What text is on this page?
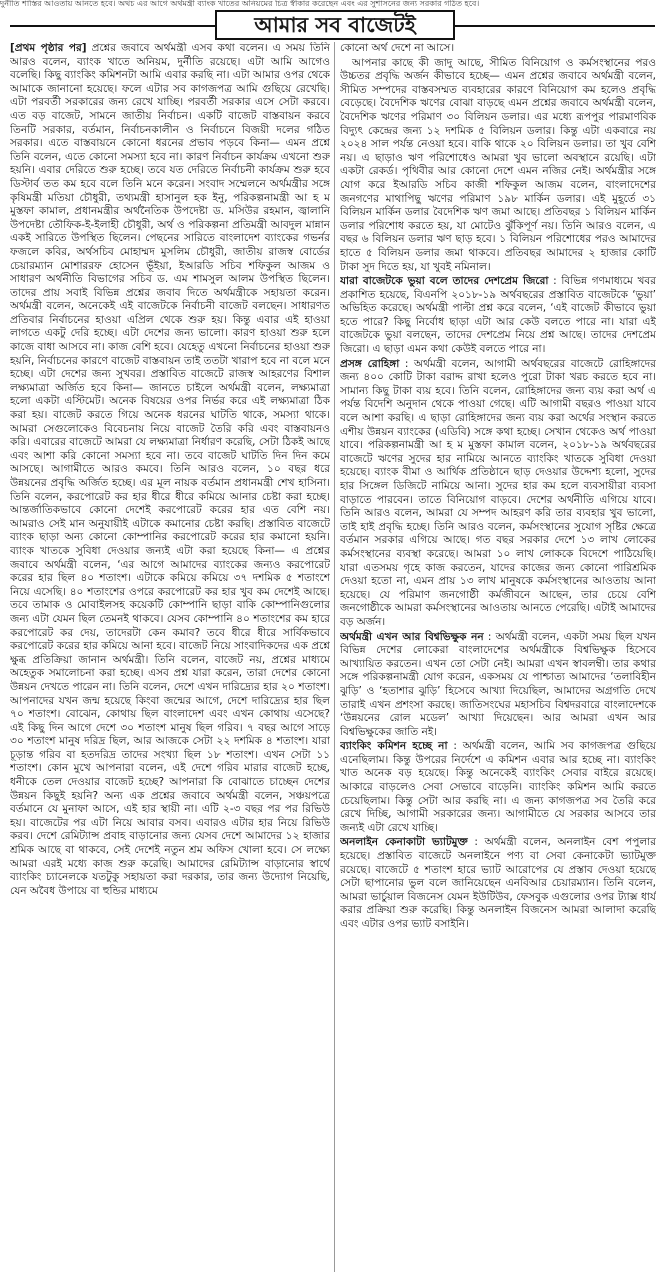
দুর্নীতি শাস্তির আওতায় আনতে হবে। অথচ এর আগে অর্থমন্ত্রী ব্যাংক খাতের অনিয়মের চিত্র স্বীকার করেছেন এবং এর সুশাসনের জন্য সরকার গঠিত হবে।
আমার সব বাজেটই

[প্রথম পৃষ্ঠার পর] প্রশ্নের জবাবে অর্থমন্ত্রী এসব কথা বলেন। এ সময় তিনি আরও বলেন, ব্যাংক খাতে অনিয়ম, দুর্নীতি রয়েছে। এটা আমি আগেও বলেছি। কিছু ব্যাংকিং কমিশনটা আমি এবার করছি না। এটা আমার ওপর থেকে আমাকে জানানো হয়েছে। ফলে এটার সব কাগজপত্র আমি গুছিয়ে রেখেছি। এটা পরবর্তী সরকারের জন্য রেখে যাচ্ছি। পরবর্তী সরকার এসে সেটা করবে। এত বড় বাজেট, সামনে জাতীয় নির্বাচন। একটি বাজেট বাস্তবায়ন করবে তিনটি সরকার, বর্তমান, নির্বাচনকালীন ও নির্বাচনে বিজয়ী দলের গঠিত সরকার। এতে বাস্তবায়নে কোনো ধরনের প্রভাব পড়বে কিনা— এমন প্রশ্নে তিনি বলেন, এতে কোনো সমস্যা হবে না। কারণ নির্বাচন কার্যক্রম এখনো শুরু হয়নি। এবার দেরিতে শুরু হচ্ছে। তবে যত দেরিতে নির্বাচনী কার্যক্রম শুরু হবে ডিস্টার্ব তত কম হবে বলে তিনি মনে করেন। সংবাদ সম্মেলনে অর্থমন্ত্রীর সঙ্গে কৃষিমন্ত্রী মতিয়া চৌধুরী, তথ্যমন্ত্রী হাসানুল হক ইনু, পরিকল্পনামন্ত্রী আ হ ম মুস্তফা কামাল, প্রধানমন্ত্রীর অর্থনৈতিক উপদেষ্টা ড. মসিউর রহমান, জ্বালানি উপদেষ্টা তৌফিক-ই-ইলাহী চৌধুরী, অর্থ ও পরিকল্পনা প্রতিমন্ত্রী আবদুল মান্নান একই সারিতে উপস্থিত ছিলেন। পেছনের সারিতে বাংলাদেশ ব্যাংকের গভর্নর ফজলে কবির, অর্থসচিব মোহাম্মদ মুসলিম চৌধুরী, জাতীয় রাজস্ব বোর্ডের চেয়ারম্যান মোশাররফ হোসেন ভূঁইয়া, ইআরডি সচিব শফিকুল আজম ও সাধারণ অর্থনীতি বিভাগের সচিব ড. এম শামসুল আলম উপস্থিত ছিলেন। তাদের প্রায় সবাই বিভিন্ন প্রশ্নের জবাব দিতে অর্থমন্ত্রীকে সহায়তা করেন। অর্থমন্ত্রী বলেন, অনেকেই এই বাজেটকে নির্বাচনী বাজেট বলছেন। সাধারণত প্রতিবার নির্বাচনের হাওয়া এপ্রিল থেকে শুরু হয়। কিন্তু এবার এই হাওয়া লাগতে একটু দেরি হচ্ছে। এটা দেশের জন্য ভালো। কারণ হাওয়া শুরু হলে কাজে বাধা আসবে না। কাজ বেশি হবে। যেহেতু এখনো নির্বাচনের হাওয়া শুরু হয়নি, নির্বাচনের কারণে বাজেট বাস্তবায়ন তাই ততটা খারাপ হবে না বলে মনে হচ্ছে। এটা দেশের জন্য সুখবর। প্রস্তাবিত বাজেটে রাজস্ব আহরণের বিশাল লক্ষ্যমাত্রা অর্জিত হবে কিনা— জানতে চাইলে অর্থমন্ত্রী বলেন, লক্ষ্যমাত্রা হলো একটা এস্টিমেট। অনেক বিষয়ের ওপর নির্ভর করে এই লক্ষ্যমাত্রা ঠিক করা হয়। বাজেট করতে গিয়ে অনেক ধরনের ঘাটতি থাকে, সমস্যা থাকে। আমরা সেগুলোকেও বিবেচনায় নিয়ে বাজেট তৈরি করি এবং বাস্তবায়নও করি। এবারের বাজেটে আমরা যে লক্ষ্যমাত্রা নির্ধারণ করেছি, সেটা ঠিকই আছে এবং আশা করি কোনো সমস্যা হবে না। তবে বাজেট ঘাটতি দিন দিন কমে আসছে। আগামীতে আরও কমবে। তিনি আরও বলেন, ১০ বছর ধরে উন্নয়নের প্রবৃদ্ধি অর্জিত হচ্ছে। এর মূল নায়ক বর্তমান প্রধানমন্ত্রী শেখ হাসিনা। তিনি বলেন, করপোরেট কর হার ধীরে ধীরে কমিয়ে আনার চেষ্টা করা হচ্ছে। আন্তর্জাতিকভাবে কোনো দেশেই করপোরেট করের হার এত বেশি নয়। আমরাও সেই মান অনুযায়ীই এটাকে কমানোর চেষ্টা করছি। প্রস্তাবিত বাজেটে ব্যাংক ছাড়া অন্য কোনো কোম্পানির করপোরেট করের হার কমানো হয়নি। ব্যাংক খাতকে সুবিধা দেওয়ার জন্যই এটা করা হয়েছে কিনা— এ প্রশ্নের জবাবে অর্থমন্ত্রী বলেন, ‘এর আগে আমাদের ব্যাংকের জন্যও করপোরেট করের হার ছিল ৪০ শতাংশ। এটাকে কমিয়ে কমিয়ে ৩৭ দশমিক ৫ শতাংশে নিয়ে এসেছি। ৪০ শতাংশের ওপরে করপোরেট কর হার খুব কম দেশেই আছে। তবে তামাক ও মোবাইলসহ কয়েকটি কোম্পানি ছাড়া বাকি কোম্পানিগুলোর জন্য এটা যেমন ছিল তেমনই থাকবে। যেসব কোম্পানি ৪০ শতাংশের কম হারে করপোরেট কর দেয়, তাদেরটা কেন কমাব? তবে ধীরে ধীরে সার্বিকভাবে করপোরেট করের হার কমিয়ে আনা হবে। বাজেট নিয়ে সাংবাদিকদের এক প্রশ্নে ক্ষুব্ধ প্রতিক্রিয়া জানান অর্থমন্ত্রী। তিনি বলেন, বাজেট নয়, প্রশ্নের মাধ্যমে অহেতুক সমালোচনা করা হচ্ছে। এসব প্রশ্ন যারা করেন, তারা দেশের কোনো উন্নয়ন দেখতে পারেন না। তিনি বলেন, দেশে এখন দারিদ্র্যের হার ২০ শতাংশ। আপনাদের যখন জন্ম হয়েছে কিংবা জন্মের আগে, দেশে দারিদ্র্যের হার ছিল ৭০ শতাংশ। বোঝেন, কোথায় ছিল বাংলাদেশ এবং এখন কোথায় এসেছে? এই কিছু দিন আগে দেশে ৩০ শতাংশ মানুষ ছিল গরিব। ৭ বছর আগে সাড়ে ৩০ শতাংশ মানুষ দরিদ্র ছিল, আর আজকে সেটা ২২ দশমিক ৪ শতাংশ। যারা চূড়ান্ত গরিব বা হতদরিদ্র তাদের সংখ্যা ছিল ১৮ শতাংশ। এখন সেটা ১১ শতাংশ। কোন মুখে আপনারা বলেন, এই দেশে গরিব মারার বাজেট হচ্ছে, ধনীকে তেল দেওয়ার বাজেট হচ্ছে? আপনারা কি বোঝাতে চাচ্ছেন দেশের উন্নয়ন কিছুই হয়নি? অন্য এক প্রশ্নের জবাবে অর্থমন্ত্রী বলেন, সঞ্চয়পত্রে বর্তমানে যে মুনাফা আসে, এই হার স্থায়ী না। এটি ২-৩ বছর পর পর রিভিউ হয়। বাজেটের পর এটা নিয়ে আবার বসব। এবারও এটার হার নিয়ে রিভিউ করব। দেশে রেমিট্যান্স প্রবাহ বাড়ানোর জন্য যেসব দেশে আমাদের ১২ হাজার শ্রমিক আছে বা থাকবে, সেই দেশেই নতুন শ্রম অফিস খোলা হবে। সে লক্ষ্যে আমরা এরই মধ্যে কাজ শুরু করেছি। আমাদের রেমিট্যান্স বাড়ানোর স্বার্থে ব্যাংকিং চ্যানেলকে যতটুকু সহায়তা করা দরকার, তার জন্য উদ্যোগ নিয়েছি, যেন অবৈধ উপায়ে বা হুন্ডির মাধ্যমে

কোনো অর্থ দেশে না আসে।

আপনার কাছে কী জাদু আছে, সীমিত বিনিয়োগ ও কর্মসংস্থানের পরও উচ্চতর প্রবৃদ্ধি অর্জন কীভাবে হচ্ছে— এমন প্রশ্নের জবাবে অর্থমন্ত্রী বলেন, সীমিত সম্পদের বাস্তবসম্মত ব্যবহারের কারণে বিনিয়োগ কম হলেও প্রবৃদ্ধি বেড়েছে। বৈদেশিক ঋণের বোঝা বাড়ছে এমন প্রশ্নের জবাবে অর্থমন্ত্রী বলেন, বৈদেশিক ঋণের পরিমাণ ৩০ বিলিয়ন ডলার। এর মধ্যে রূপপুর পারমাণবিক বিদ্যুৎ কেন্দ্রের জন্য ১২ দশমিক ৫ বিলিয়ন ডলার। কিন্তু এটা একবারে নয় ২০২৪ সাল পর্যন্ত নেওয়া হবে। বাকি থাকে ২০ বিলিয়ন ডলার। তা খুব বেশি নয়। এ ছাড়াও ঋণ পরিশোধেও আমরা খুব ভালো অবস্থানে রয়েছি। এটা একটা রেকর্ড। পৃথিবীর আর কোনো দেশে এমন নজির নেই। অর্থমন্ত্রীর সঙ্গে যোগ করে ইআরডি সচিব কাজী শফিকুল আজম বলেন, বাংলাদেশের জনগণের মাথাপিছু ঋণের পরিমাণ ১৯৮ মার্কিন ডলার। এই মুহূর্তে ৩১ বিলিয়ন মার্কিন ডলার বৈদেশিক ঋণ জমা আছে। প্রতিবছর ১ বিলিয়ন মার্কিন ডলার পরিশোধ করতে হয়, যা মোটেও ঝুঁকিপূর্ণ নয়। তিনি আরও বলেন, এ বছর ৬ বিলিয়ন ডলার ঋণ ছাড় হবে। ১ বিলিয়ন পরিশোধের পরও আমাদের হাতে ৫ বিলিয়ন ডলার জমা থাকবে। প্রতিবছর আমাদের ২ হাজার কোটি টাকা সুদ দিতে হয়, যা খুবই নমিনাল।

যারা বাজেটকে ভুয়া বলে তাদের দেশপ্রেম জিরো : বিভিন্ন গণমাধ্যমে খবর প্রকাশিত হয়েছে, বিএনপি ২০১৮-১৯ অর্থবছরের প্রস্তাবিত বাজেটকে ‘ভুয়া’ অভিহিত করেছে। অর্থমন্ত্রী পাল্টা প্রশ্ন করে বলেন, ‘এই বাজেট কীভাবে ভুয়া হতে পারে? কিছু নির্বোধ ছাড়া এটা আর কেউ বলতে পারে না। যারা এই বাজেটকে ভুয়া বলছেন, তাদের দেশপ্রেম নিয়ে প্রশ্ন আছে। তাদের দেশপ্রেম জিরো। এ ছাড়া এমন কথা কেউই বলতে পারে না।

প্রসঙ্গ রোহিঙ্গা : অর্থমন্ত্রী বলেন, আগামী অর্থবছরের বাজেটে রোহিঙ্গাদের জন্য ৪০০ কোটি টাকা বরাদ্দ রাখা হলেও পুরো টাকা খরচ করতে হবে না। সামান্য কিছু টাকা ব্যয় হবে। তিনি বলেন, রোহিঙ্গাদের জন্য ব্যয় করা অর্থ এ পর্যন্ত বিদেশি অনুদান থেকে পাওয়া গেছে। এটি আগামী বছরও পাওয়া যাবে বলে আশা করছি। এ ছাড়া রোহিঙ্গাদের জন্য ব্যয় করা অর্থের সংস্থান করতে এশীয় উন্নয়ন ব্যাংকের (এডিবি) সঙ্গে কথা হচ্ছে। সেখান থেকেও অর্থ পাওয়া যাবে। পরিকল্পনামন্ত্রী আ হ ম মুস্তফা কামাল বলেন, ২০১৮-১৯ অর্থবছরের বাজেটে ঋণের সুদের হার নামিয়ে আনতে ব্যাংকিং খাতকে সুবিধা দেওয়া হয়েছে। ব্যাংক বীমা ও আর্থিক প্রতিষ্ঠানে ছাড় দেওয়ার উদ্দেশ্য হলো, সুদের হার সিঙ্গেল ডিজিটে নামিয়ে আনা। সুদের হার কম হলে ব্যবসায়ীরা ব্যবসা বাড়াতে পারবেন। তাতে বিনিয়োগ বাড়বে। দেশের অর্থনীতি এগিয়ে যাবে। তিনি আরও বলেন, আমরা যে সম্পদ আহরণ করি তার ব্যবহার খুব ভালো, তাই হাই প্রবৃদ্ধি হচ্ছে। তিনি আরও বলেন, কর্মসংস্থানের সুযোগ সৃষ্টির ক্ষেত্রে বর্তমান সরকার এগিয়ে আছে। গত বছর সরকার দেশে ১৩ লাখ লোকের কর্মসংস্থানের ব্যবস্থা করেছে। আমরা ১০ লাখ লোককে বিদেশে পাঠিয়েছি। যারা এতসময় গৃহে কাজ করতেন, যাদের কাজের জন্য কোনো পারিশ্রমিক দেওয়া হতো না, এমন প্রায় ১৩ লাখ মানুষকে কর্মসংস্থানের আওতায় আনা হয়েছে। যে পরিমাণ জনগোষ্ঠী কর্মজীবনে আছেন, তার চেয়ে বেশি জনগোষ্ঠীকে আমরা কর্মসংস্থানের আওতায় আনতে পেরেছি। এটাই আমাদের বড় অর্জন।

অর্থমন্ত্রী এখন আর বিশ্বভিক্ষুক নন : অর্থমন্ত্রী বলেন, একটা সময় ছিল যখন বিভিন্ন দেশের লোকেরা বাংলাদেশের অর্থমন্ত্রীকে বিশ্বভিক্ষুক হিসেবে আখ্যায়িত করতেন। এখন তো সেটা নেই। আমরা এখন স্বাবলম্বী। তার কথার সঙ্গে পরিকল্পনামন্ত্রী যোগ করেন, একসময় যে পাশ্চাত্য আমাদের ‘তলাবিহীন ঝুড়ি’ ও ‘হতাশার ঝুড়ি’ হিসেবে আখ্যা দিয়েছিল, আমাদের অগ্রগতি দেখে তারাই এখন প্রশংসা করছে। জাতিসংঘের মহাসচিব বিশ্বদরবারে বাংলাদেশকে ‘উন্নয়নের রোল মডেল’ আখ্যা দিয়েছেন। আর আমরা এখন আর বিশ্বভিক্ষুকের জাতি নই।

ব্যাংকিং কমিশন হচ্ছে না : অর্থমন্ত্রী বলেন, আমি সব কাগজপত্র গুছিয়ে এনেছিলাম। কিন্তু উপরের নির্দেশে এ কমিশন এবার আর হচ্ছে না। ব্যাংকিং খাত অনেক বড় হয়েছে। কিন্তু অনেকেই ব্যাংকিং সেবার বাইরে রয়েছে। আকারে বাড়লেও সেবা সেভাবে বাড়েনি। ব্যাংকিং কমিশন আমি করতে চেয়েছিলাম। কিন্তু সেটা আর করছি না। এ জন্য কাগজপত্র সব তৈরি করে রেখে দিচ্ছি, আগামী সরকারের জন্য। আগামীতে যে সরকার আসবে তার জন্যই এটা রেখে যাচ্ছি।

অনলাইন কেনাকাটা ভ্যাটমুক্ত : অর্থমন্ত্রী বলেন, অনলাইন বেশ পপুলার হয়েছে। প্রস্তাবিত বাজেটে অনলাইনে পণ্য বা সেবা কেনাকেটা ভ্যাটমুক্ত রয়েছে। বাজেটে ৫ শতাংশ হারে ভ্যাট আরোপের যে প্রস্তাব দেওয়া হয়েছে সেটা ছাপানোর ভুল বলে জানিয়েছেন এনবিআর চেয়ারম্যান। তিনি বলেন, আমরা ভার্চুয়াল বিজনেস যেমন ইউটিউব, ফেসবুক এগুলোর ওপর ট্যাক্স ধার্য করার প্রক্রিয়া শুরু করেছি। কিন্তু অনলাইন বিজনেস আমরা আলাদা করেছি এবং এটার ওপর ভ্যাট বসাইনি।
